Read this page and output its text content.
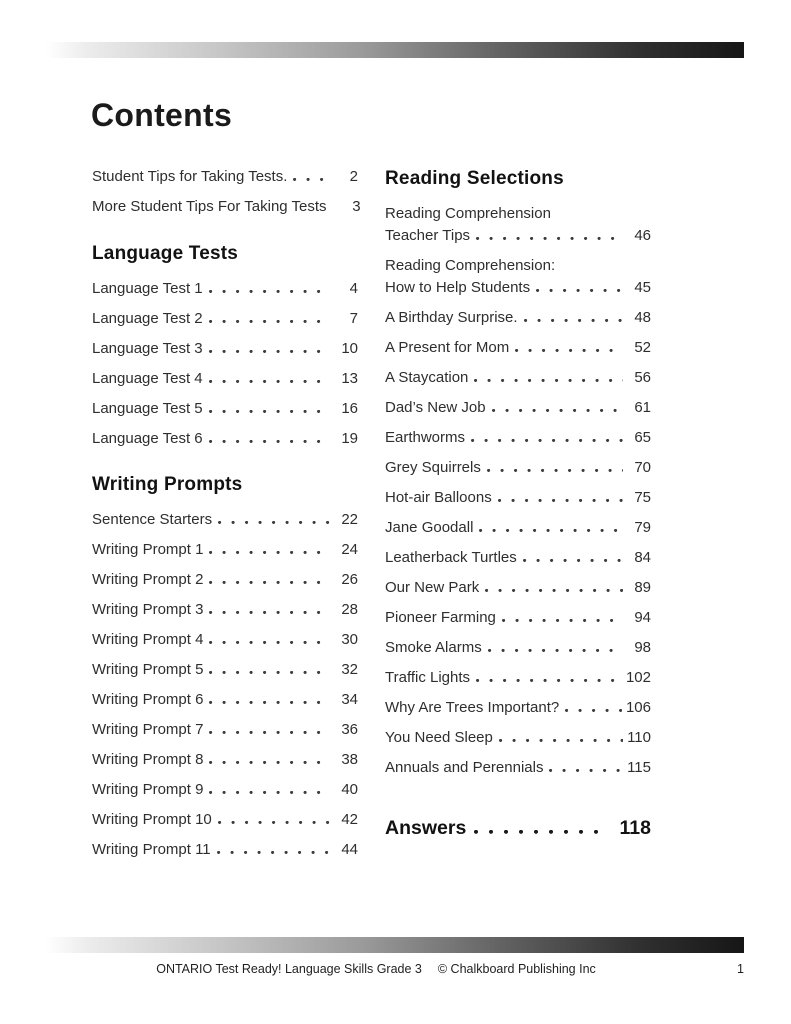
Contents
Student Tips for Taking Tests.	2
More Student Tips For Taking Tests	3
Language Tests
Language Test 1	4
Language Test 2	7
Language Test 3	10
Language Test 4	13
Language Test 5	16
Language Test 6	19
Writing Prompts
Sentence Starters	22
Writing Prompt 1	24
Writing Prompt 2	26
Writing Prompt 3	28
Writing Prompt 4	30
Writing Prompt 5	32
Writing Prompt 6	34
Writing Prompt 7	36
Writing Prompt 8	38
Writing Prompt 9	40
Writing Prompt 10	42
Writing Prompt 11	44
Reading Selections
Reading Comprehension
Teacher Tips	46
Reading Comprehension:
How to Help Students	45
A Birthday Surprise.	48
A Present for Mom	52
A Staycation	56
Dad’s New Job	61
Earthworms	65
Grey Squirrels	70
Hot-air Balloons	75
Jane Goodall	79
Leatherback Turtles	84
Our New Park	89
Pioneer Farming	94
Smoke Alarms	98
Traffic Lights	102
Why Are Trees Important?	106
You Need Sleep	110
Annuals and Perennials	115
Answers	118
ONTARIO Test Ready! Language Skills Grade 3 © Chalkboard Publishing Inc	1
